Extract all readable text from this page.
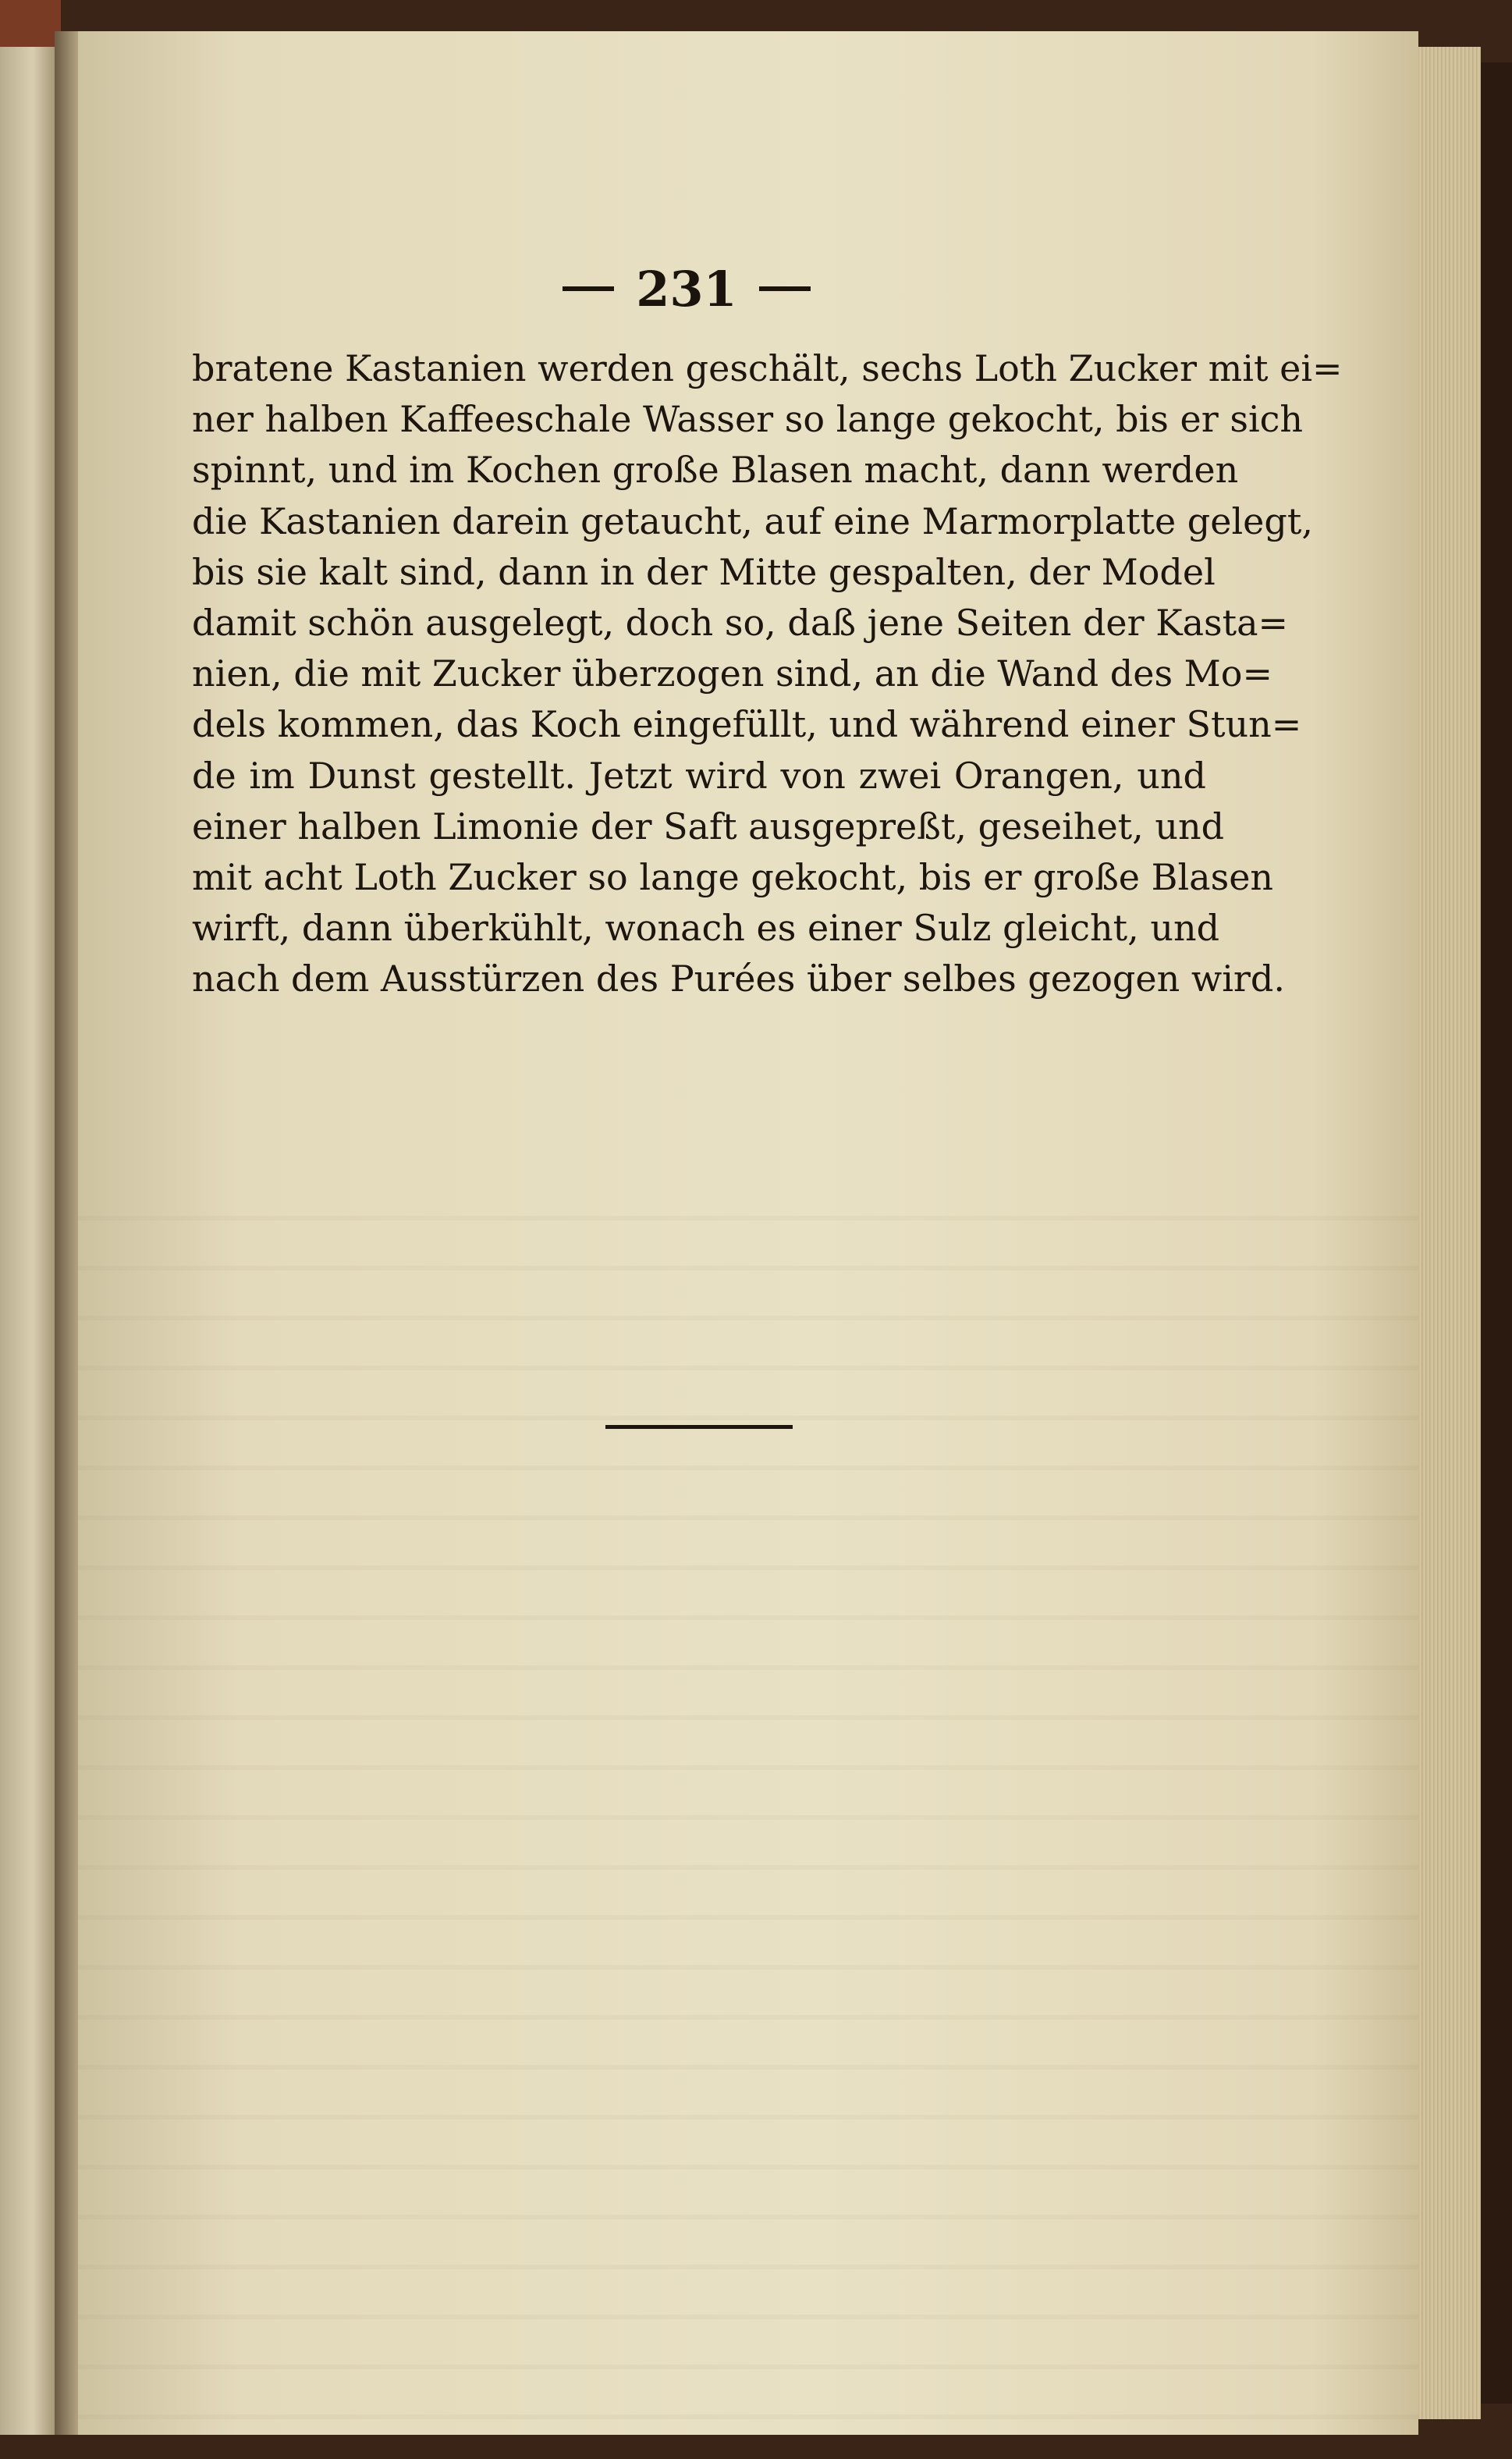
231
bratene Kastanien werden geschält, sechs Loth Zucker mit ei=
ner halben Kaffeeschale Wasser so lange gekocht, bis er sich
spinnt, und im Kochen große Blasen macht, dann werden
die Kastanien darein getaucht, auf eine Marmorplatte gelegt,
bis sie kalt sind, dann in der Mitte gespalten, der Model
damit schön ausgelegt, doch so, daß jene Seiten der Kasta=
nien, die mit Zucker überzogen sind, an die Wand des Mo=
dels kommen, das Koch eingefüllt, und während einer Stun=
de im Dunst gestellt. Jetzt wird von zwei Orangen, und
einer halben Limonie der Saft ausgepreßt, geseihet, und
mit acht Loth Zucker so lange gekocht, bis er große Blasen
wirft, dann überkühlt, wonach es einer Sulz gleicht, und
nach dem Ausstürzen des Purées über selbes gezogen wird.
